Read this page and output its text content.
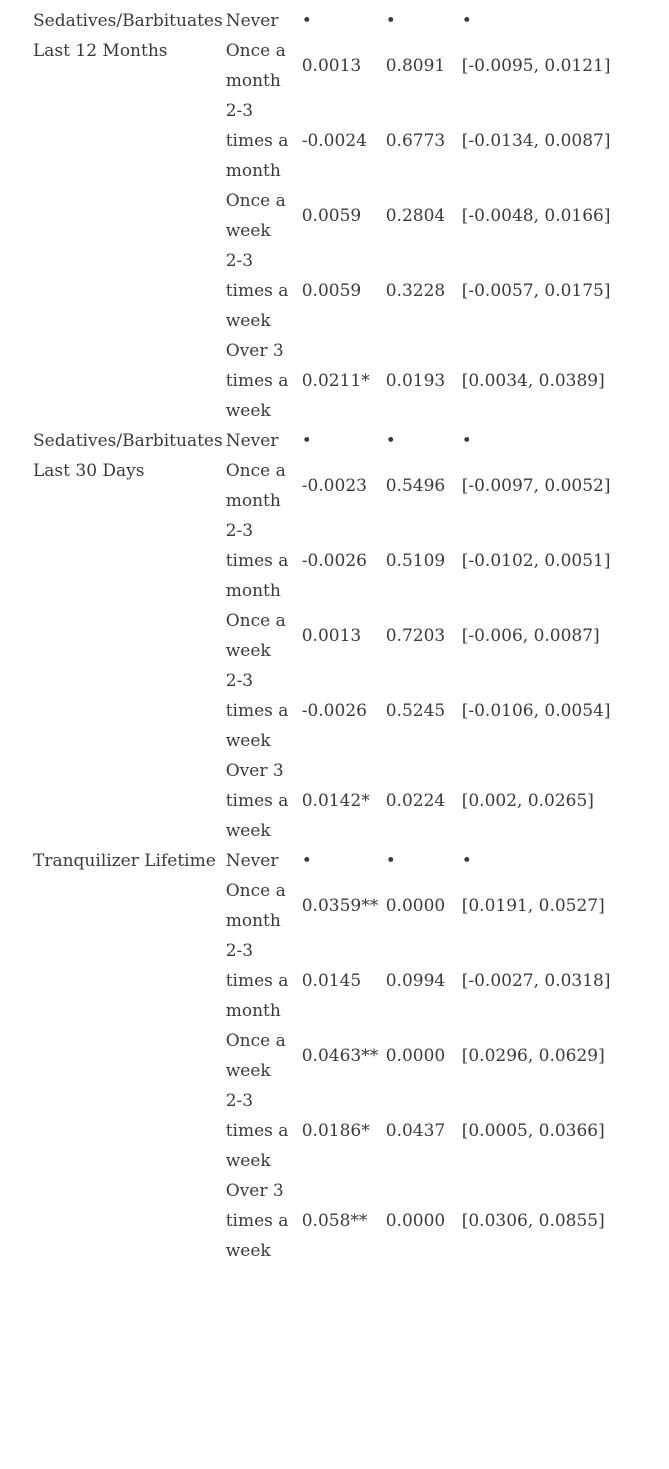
Sedatives/Barbituates Last 12 Months	Never	•	•	•
	Once a month	0.0013	0.8091	[-0.0095, 0.0121]
	2-3 times a month	-0.0024	0.6773	[-0.0134, 0.0087]
	Once a week	0.0059	0.2804	[-0.0048, 0.0166]
	2-3 times a week	0.0059	0.3228	[-0.0057, 0.0175]
	Over 3 times a week	0.0211*	0.0193	[0.0034, 0.0389]
Sedatives/Barbituates Last 30 Days	Never	•	•	•
	Once a month	-0.0023	0.5496	[-0.0097, 0.0052]
	2-3 times a month	-0.0026	0.5109	[-0.0102, 0.0051]
	Once a week	0.0013	0.7203	[-0.006, 0.0087]
	2-3 times a week	-0.0026	0.5245	[-0.0106, 0.0054]
	Over 3 times a week	0.0142*	0.0224	[0.002, 0.0265]
Tranquilizer Lifetime	Never	•	•	•
	Once a month	0.0359**	0.0000	[0.0191, 0.0527]
	2-3 times a month	0.0145	0.0994	[-0.0027, 0.0318]
	Once a week	0.0463**	0.0000	[0.0296, 0.0629]
	2-3 times a week	0.0186*	0.0437	[0.0005, 0.0366]
	Over 3 times a week	0.058**	0.0000	[0.0306, 0.0855]
